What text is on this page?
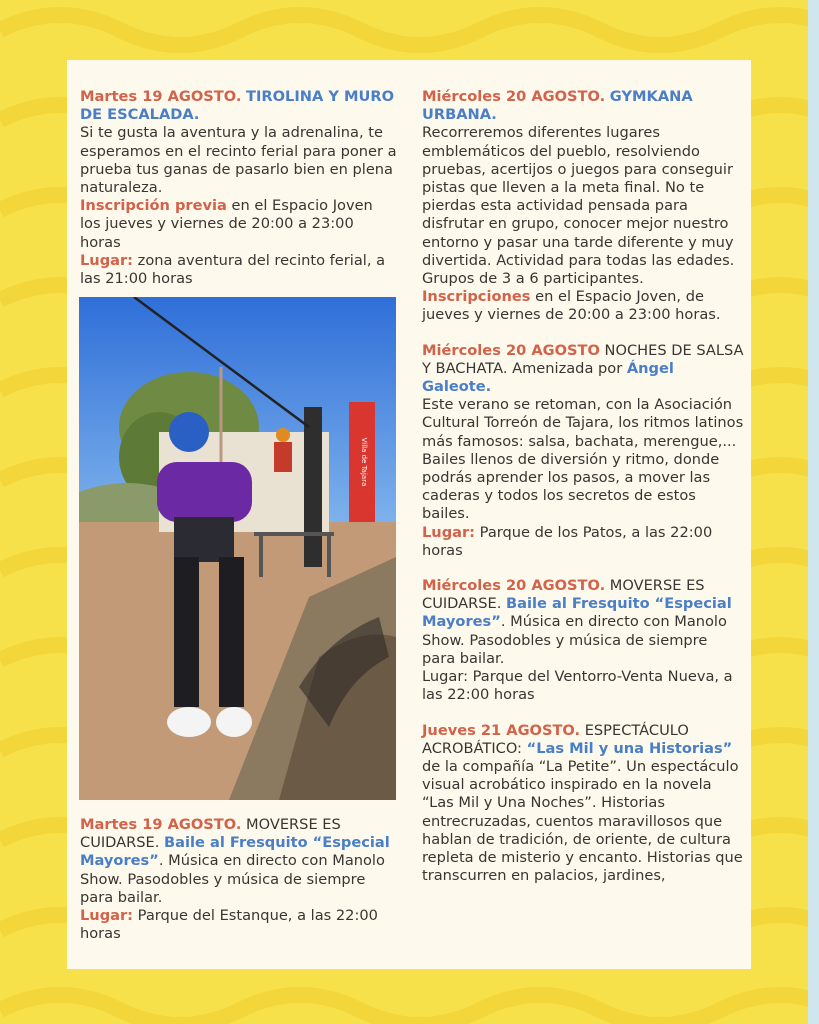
Martes 19 AGOSTO. TIROLINA Y MURO DE ESCALADA.
Si te gusta la aventura y la adrenalina, te esperamos en el recinto ferial para poner a prueba tus ganas de pasarlo bien en plena naturaleza.
Inscripción previa en el Espacio Joven los jueves y viernes de 20:00 a 23:00 horas
Lugar: zona aventura del recinto ferial, a las 21:00 horas

Villa de Tajara

Martes 19 AGOSTO. MOVERSE ES CUIDARSE. Baile al Fresquito “Especial Mayores”. Música en directo con Manolo Show. Pasodobles y música de siempre para bailar.
Lugar: Parque del Estanque, a las 22:00 horas

Miércoles 20 AGOSTO. GYMKANA URBANA.
Recorreremos diferentes lugares emblemáticos del pueblo, resolviendo pruebas, acertijos o juegos para conseguir pistas que lleven a la meta final. No te pierdas esta actividad pensada para disfrutar en grupo, conocer mejor nuestro entorno y pasar una tarde diferente y muy divertida. Actividad para todas las edades. Grupos de 3 a 6 participantes.
Inscripciones en el Espacio Joven, de jueves y viernes de 20:00 a 23:00 horas.

Miércoles 20 AGOSTO NOCHES DE SALSA Y BACHATA. Amenizada por Ángel Galeote.
Este verano se retoman, con la Asociación Cultural Torreón de Tajara, los ritmos latinos más famosos: salsa, bachata, merengue,... Bailes llenos de diversión y ritmo, donde podrás aprender los pasos, a mover las caderas y todos los secretos de estos bailes.
Lugar: Parque de los Patos, a las 22:00 horas

Miércoles 20 AGOSTO. MOVERSE ES CUIDARSE. Baile al Fresquito “Especial Mayores”. Música en directo con Manolo Show. Pasodobles y música de siempre para bailar.
Lugar: Parque del Ventorro-Venta Nueva, a las 22:00 horas

Jueves 21 AGOSTO. ESPECTÁCULO ACROBÁTICO: “Las Mil y una Historias” de la compañía “La Petite”. Un espectáculo visual acrobático inspirado en la novela “Las Mil y Una Noches”. Historias entrecruzadas, cuentos maravillosos que hablan de tradición, de oriente, de cultura repleta de misterio y encanto. Historias que transcurren en palacios, jardines,
